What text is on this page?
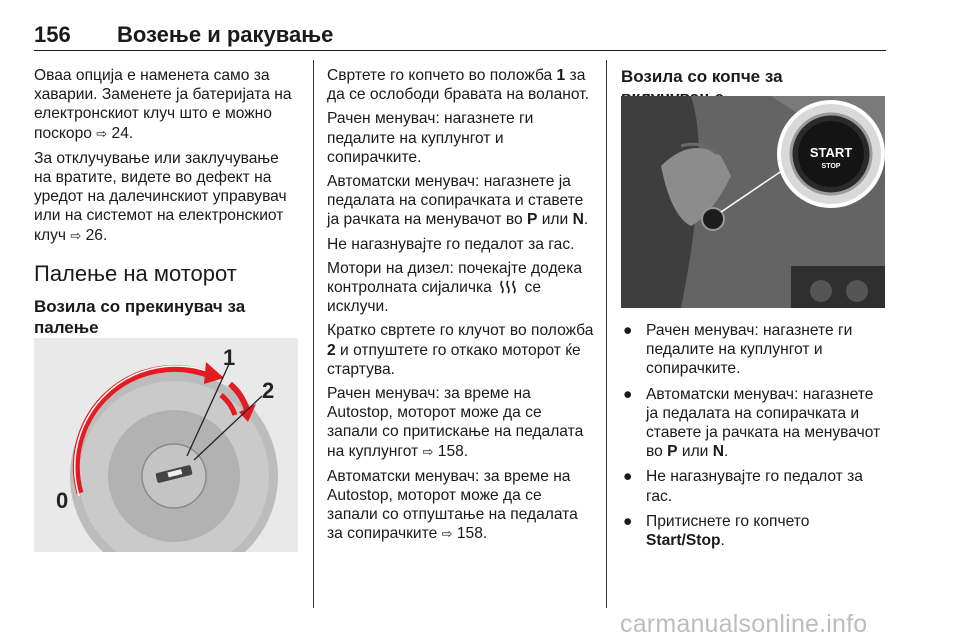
156 Возење и ракување

Оваа опција е наменета само за хаварии. Заменете ја батеријата на електронскиот клуч што е можно поскоро ⇨ 24.

За отклучување или заклучување на вратите, видете во дефект на уредот на далечинскиот управувач или на системот на електронскиот клуч ⇨ 26.

Палење на моторот
Возила со прекинувач за палење
1
2
0

Свртете го копчето во положба 1 за да се ослободи бравата на воланот.

Рачен менувач: нагазнете ги педалите на куплунгот и сопирачките.

Автоматски менувач: нагазнете ја педалата на сопирачката и ставете ја рачката на менувачот во P или N.

Не нагазнувајте го педалот за гас.

Мотори на дизел: почекајте додека контролната сијаличка се исклучи.

Кратко свртете го клучот во положба 2 и отпуштете го откако моторот ќе стартува.

Рачен менувач: за време на Autostop, моторот може да се запали со притискање на педалата на куплунгот ⇨ 158.

Автоматски менувач: за време на Autostop, моторот може да се запали со отпуштање на педалата за сопирачките ⇨ 158.

Возила со копче за
START
STOP
● Рачен менувач: нагазнете ги педалите на куплунгот и сопирачките.
● Автоматски менувач: нагазнете ја педалата на сопирачката и ставете ја рачката на менувачот во P или N.
● Не нагазнувајте го педалот за гас.
● Притиснете го копчето
Start/Stop.
carmanualsonline.info
